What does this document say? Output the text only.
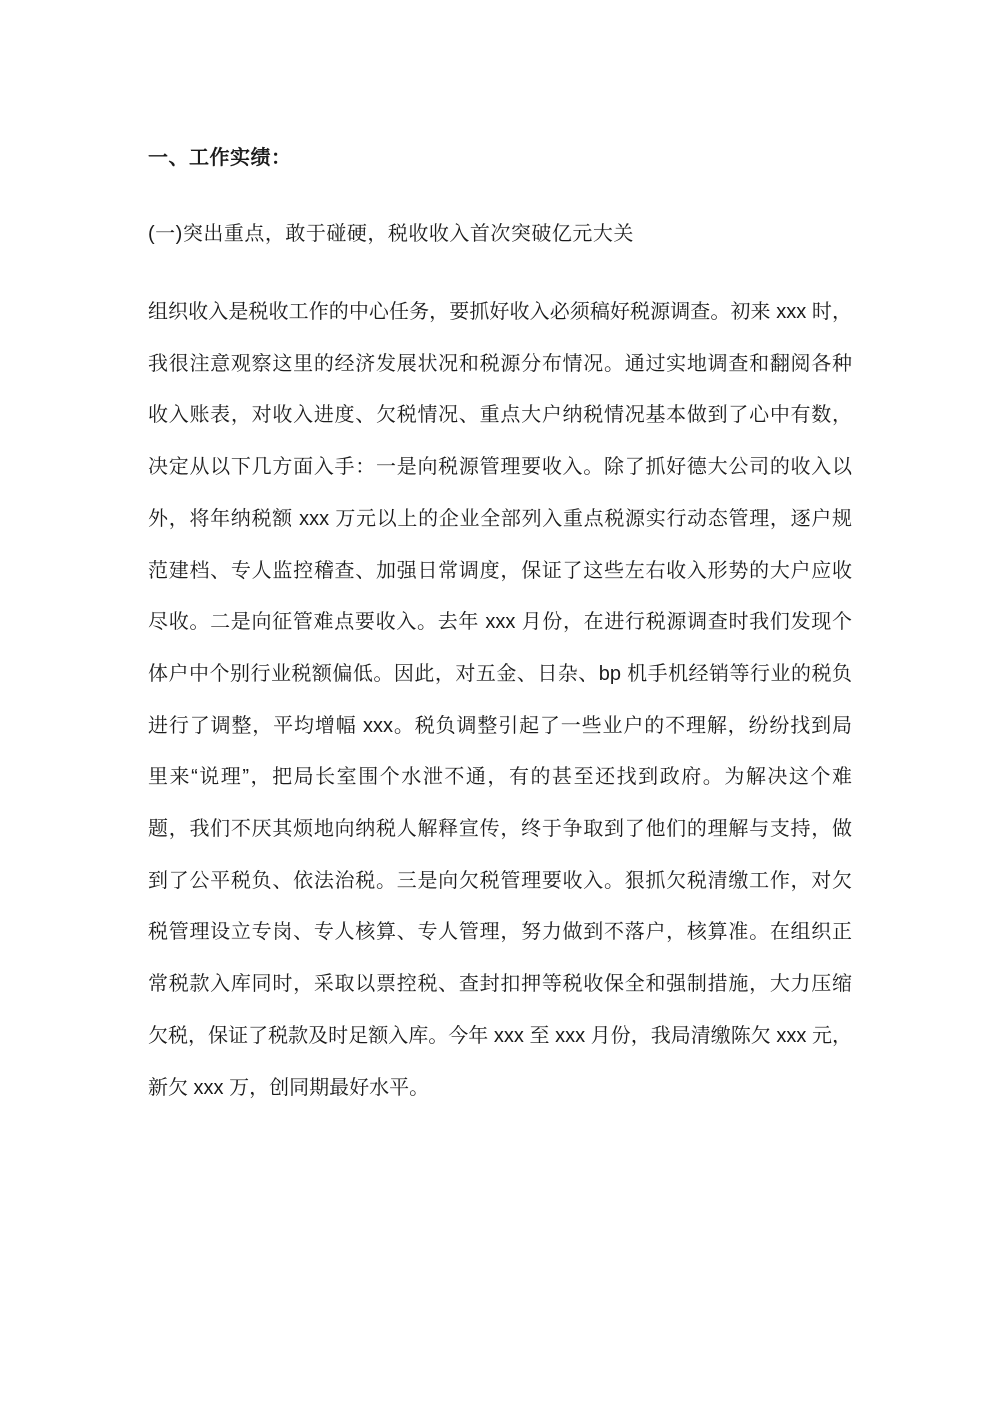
一、工作实绩：
(一)突出重点，敢于碰硬，税收收入首次突破亿元大关
组织收入是税收工作的中心任务，要抓好收入必须稿好税源调查。初来 xxx 时，
我很注意观察这里的经济发展状况和税源分布情况。通过实地调查和翻阅各种
收入账表，对收入进度、欠税情况、重点大户纳税情况基本做到了心中有数，
决定从以下几方面入手：一是向税源管理要收入。除了抓好德大公司的收入以
外，将年纳税额 xxx 万元以上的企业全部列入重点税源实行动态管理，逐户规
范建档、专人监控稽查、加强日常调度，保证了这些左右收入形势的大户应收
尽收。二是向征管难点要收入。去年 xxx 月份，在进行税源调查时我们发现个
体户中个别行业税额偏低。因此，对五金、日杂、bp 机手机经销等行业的税负
进行了调整，平均增幅 xxx。税负调整引起了一些业户的不理解，纷纷找到局
里来“说理”，把局长室围个水泄不通，有的甚至还找到政府。为解决这个难
题，我们不厌其烦地向纳税人解释宣传，终于争取到了他们的理解与支持，做
到了公平税负、依法治税。三是向欠税管理要收入。狠抓欠税清缴工作，对欠
税管理设立专岗、专人核算、专人管理，努力做到不落户，核算准。在组织正
常税款入库同时，采取以票控税、查封扣押等税收保全和强制措施，大力压缩
欠税，保证了税款及时足额入库。今年 xxx 至 xxx 月份，我局清缴陈欠 xxx 元，
新欠 xxx 万，创同期最好水平。
